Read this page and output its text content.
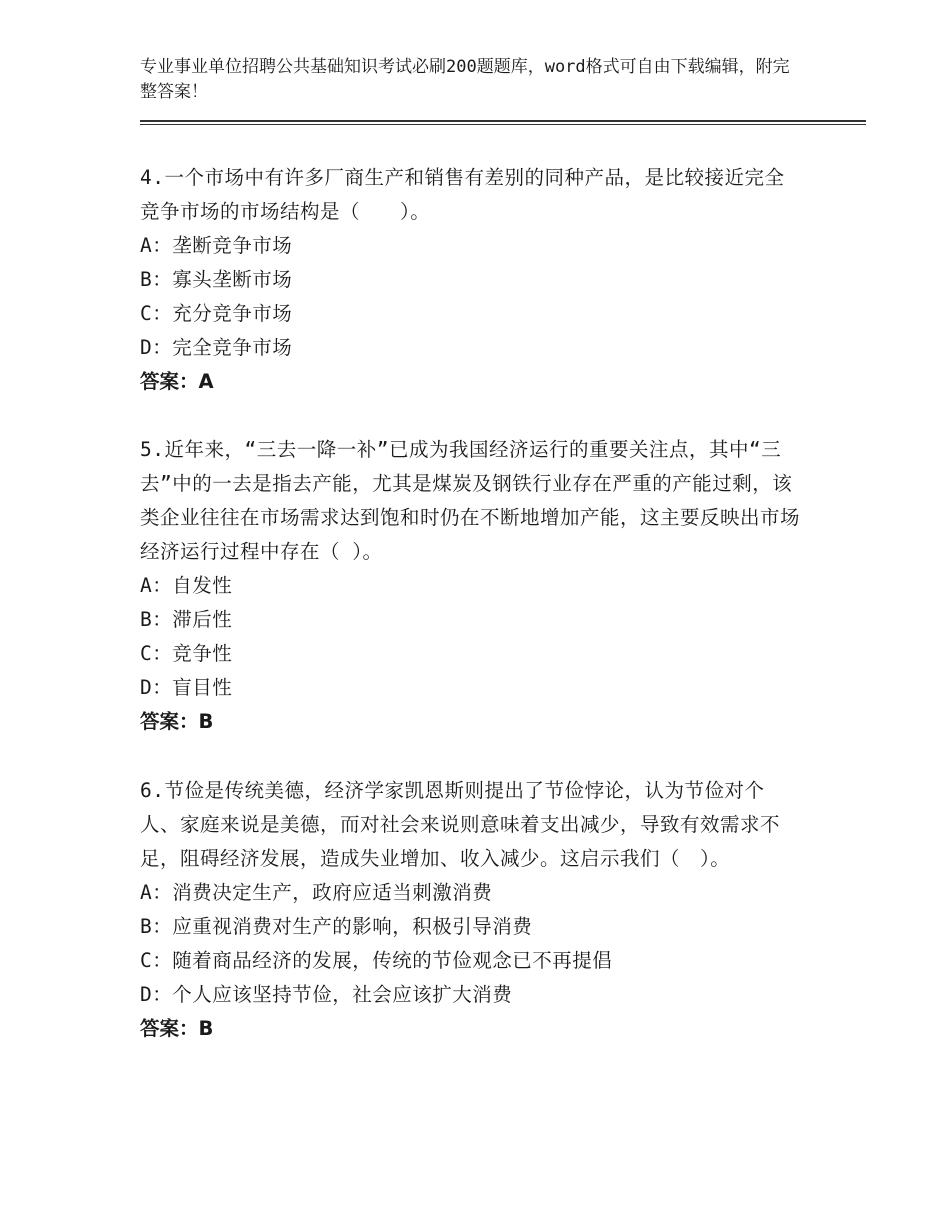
专业事业单位招聘公共基础知识考试必刷200题题库，word格式可自由下载编辑，附完整答案！
4.一个市场中有许多厂商生产和销售有差别的同种产品，是比较接近完全竞争市场的市场结构是（　　）。
A：垄断竞争市场
B：寡头垄断市场
C：充分竞争市场
D：完全竞争市场
答案：A
5.近年来，“三去一降一补”已成为我国经济运行的重要关注点，其中“三去”中的一去是指去产能，尤其是煤炭及钢铁行业存在严重的产能过剩，该类企业往往在市场需求达到饱和时仍在不断地增加产能，这主要反映出市场经济运行过程中存在（ ）。
A：自发性
B：滞后性
C：竞争性
D：盲目性
答案：B
6.节俭是传统美德，经济学家凯恩斯则提出了节俭悖论，认为节俭对个人、家庭来说是美德，而对社会来说则意味着支出减少，导致有效需求不足，阻碍经济发展，造成失业增加、收入减少。这启示我们（　）。
A：消费决定生产，政府应适当刺激消费
B：应重视消费对生产的影响，积极引导消费
C：随着商品经济的发展，传统的节俭观念已不再提倡
D：个人应该坚持节俭，社会应该扩大消费
答案：B
